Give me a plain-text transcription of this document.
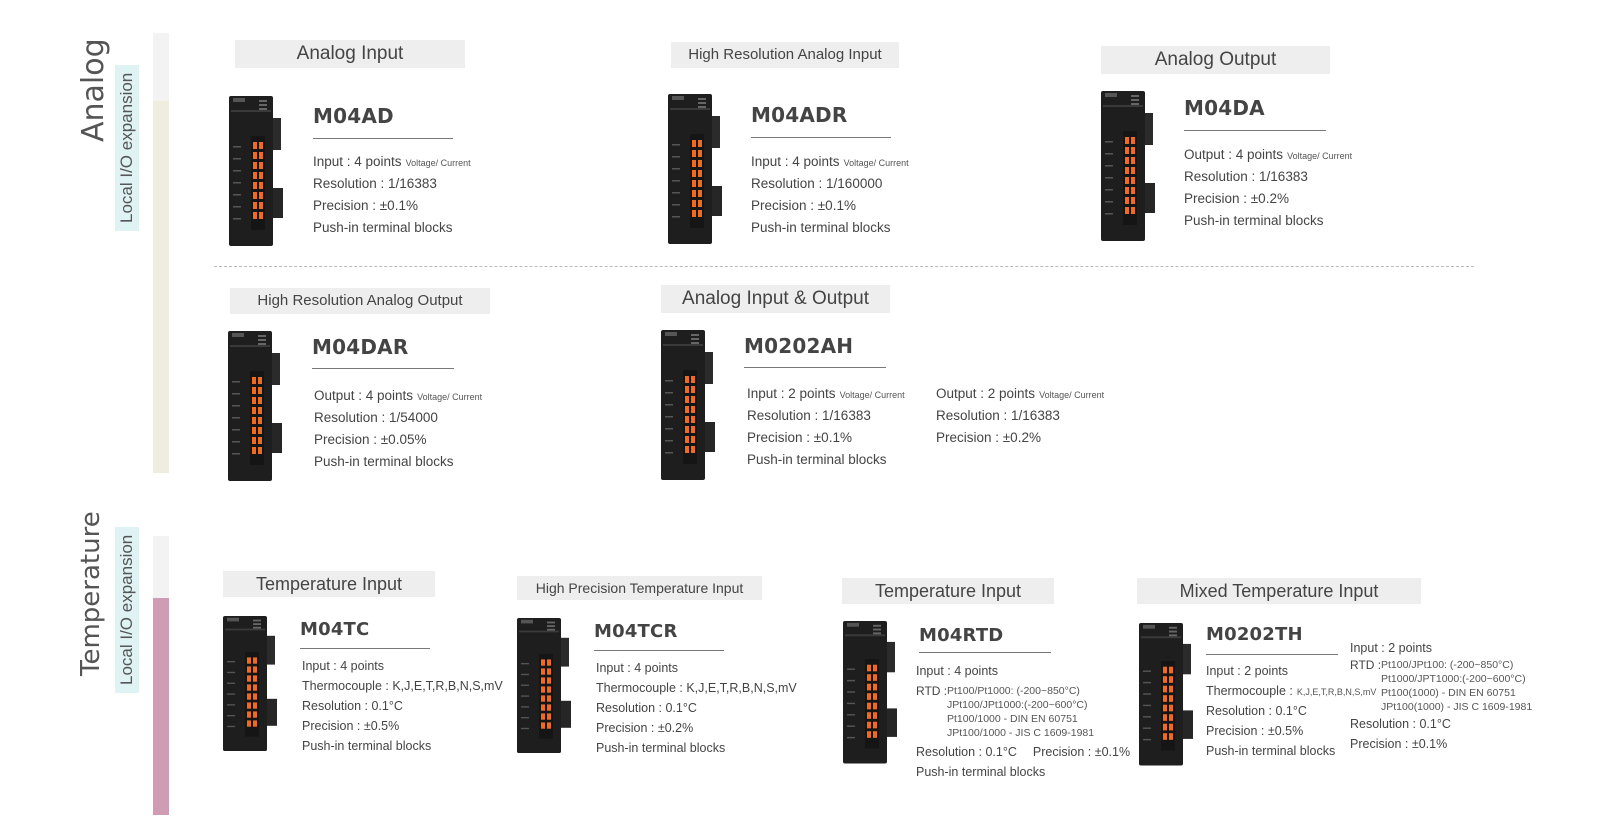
Analog Local I/O expansion
Temperature Local I/O expansion
Analog Input
M04AD
Input : 4 points Voltage/ Current
Resolution : 1/16383
Precision : ±0.1%
Push-in terminal blocks
High Resolution Analog Input
M04ADR
Input : 4 points Voltage/ Current
Resolution : 1/160000
Precision : ±0.1%
Push-in terminal blocks
Analog Output
M04DA
Output : 4 points Voltage/ Current
Resolution : 1/16383
Precision : ±0.2%
Push-in terminal blocks
High Resolution Analog Output
M04DAR
Output : 4 points Voltage/ Current
Resolution : 1/54000
Precision : ±0.05%
Push-in terminal blocks
Analog Input & Output
M0202AH
Input : 2 points Voltage/ Current
Resolution : 1/16383
Precision : ±0.1%
Push-in terminal blocks
Output : 2 points Voltage/ Current
Resolution : 1/16383
Precision : ±0.2%
Temperature Input
M04TC
Input : 4 points
Thermocouple : K,J,E,T,R,B,N,S,mV
Resolution : 0.1°C
Precision : ±0.5%
Push-in terminal blocks
High Precision Temperature Input
M04TCR
Input : 4 points
Thermocouple : K,J,E,T,R,B,N,S,mV
Resolution : 0.1°C
Precision : ±0.2%
Push-in terminal blocks
Temperature Input
M04RTD
Input : 4 points
RTD : Pt100/Pt1000: (-200~850°C)
JPt100/JPt1000:(-200~600°C)
Pt100/1000 - DIN EN 60751
JPt100/1000 - JIS C 1609-1981
Resolution : 0.1°C Precision : ±0.1%
Push-in terminal blocks
Mixed Temperature Input
M0202TH
Input : 2 points
Thermocouple : K,J,E,T,R,B,N,S,mV
Resolution : 0.1°C
Precision : ±0.5%
Push-in terminal blocks
Input : 2 points
RTD : Pt100/JPt100: (-200~850°C)
Pt1000/JPT1000:(-200~600°C)
Pt100(1000) - DIN EN 60751
JPt100(1000) - JIS C 1609-1981
Resolution : 0.1°C
Precision : ±0.1%
